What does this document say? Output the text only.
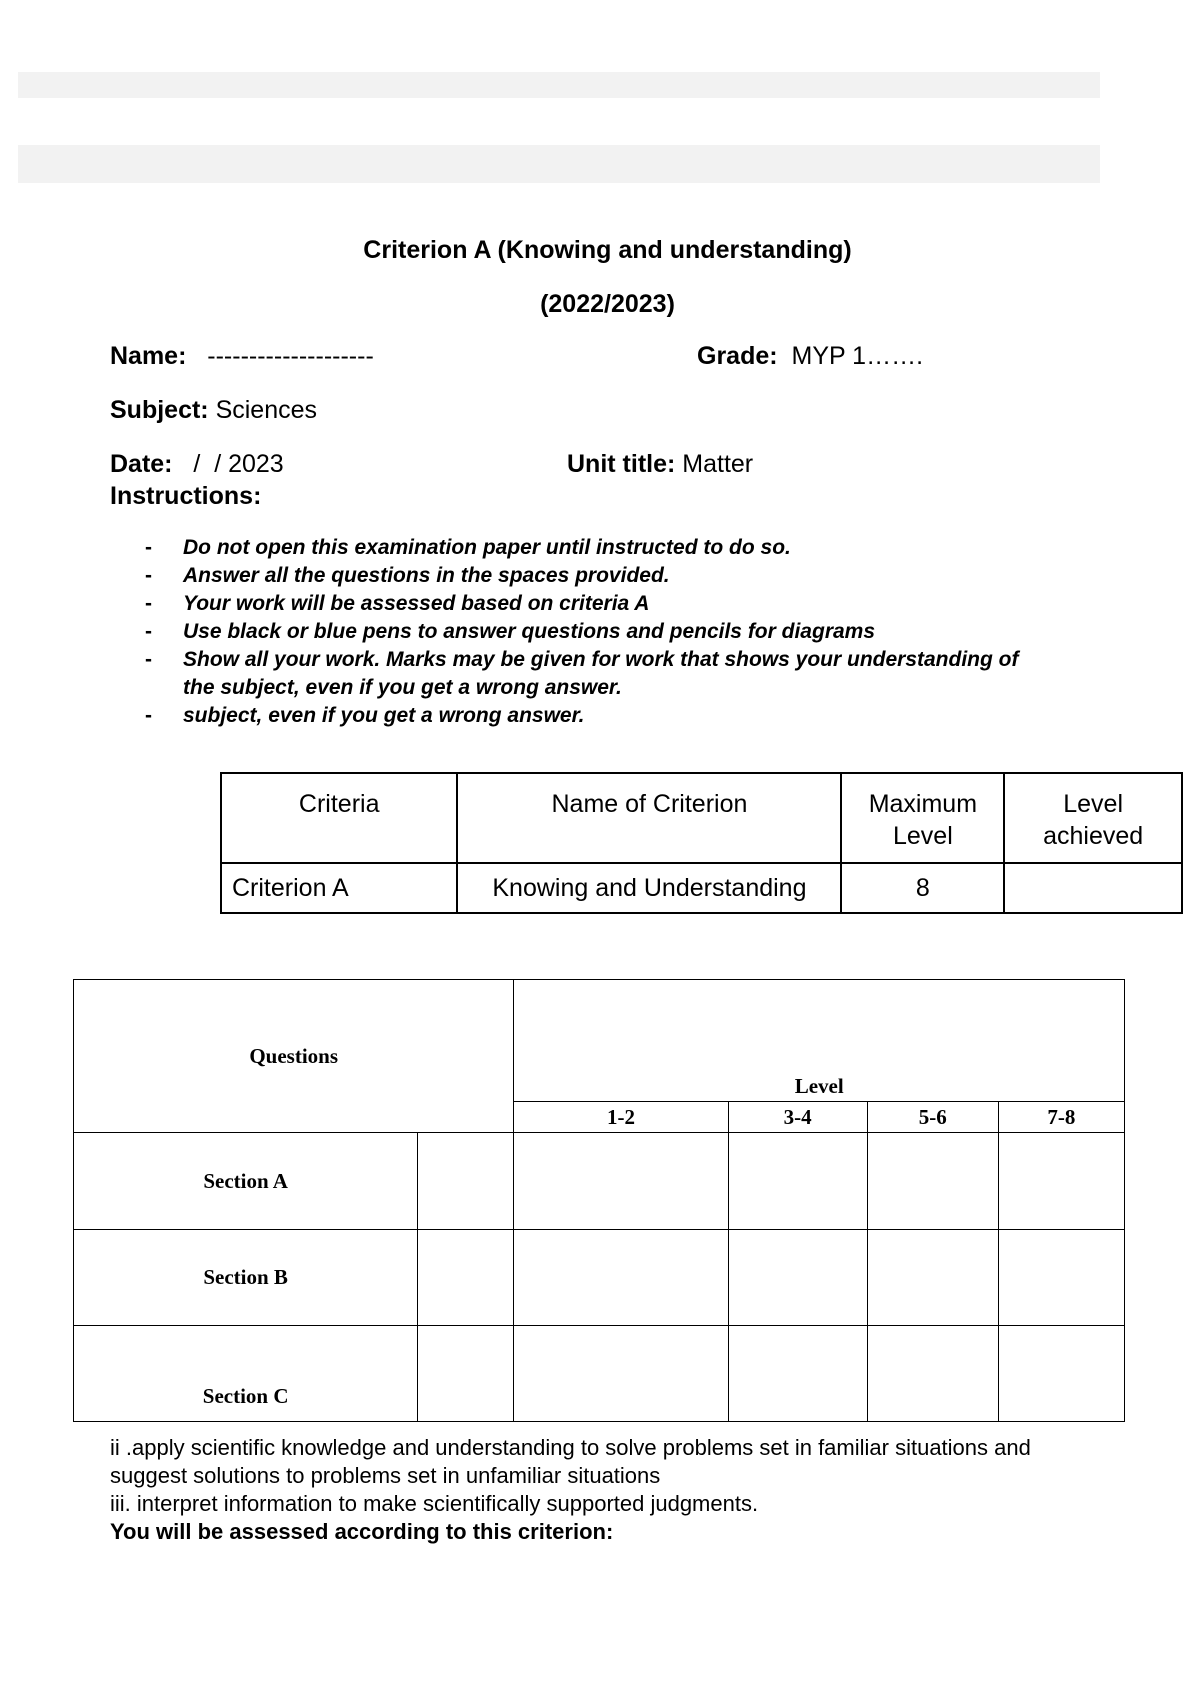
Criterion A (Knowing and understanding)
(2022/2023)
Name: --------------------	Grade: MYP 1…….
Subject: Sciences
Date: /  / 2023	Unit title: Matter
Instructions:
- Do not open this examination paper until instructed to do so.
- Answer all the questions in the spaces provided.
- Your work will be assessed based on criteria A
- Use black or blue pens to answer questions and pencils for diagrams
- Show all your work. Marks may be given for work that shows your understanding of the subject, even if you get a wrong answer.
- subject, even if you get a wrong answer.
Criteria	Name of Criterion	Maximum Level	Level achieved
Criterion A	Knowing and Understanding	8	
Questions		Level			
		1-2	3-4	5-6	7-8
Section A					
Section B					
Section C					
ii .apply scientific knowledge and understanding to solve problems set in familiar situations and suggest solutions to problems set in unfamiliar situations
iii. interpret information to make scientifically supported judgments.
You will be assessed according to this criterion:
